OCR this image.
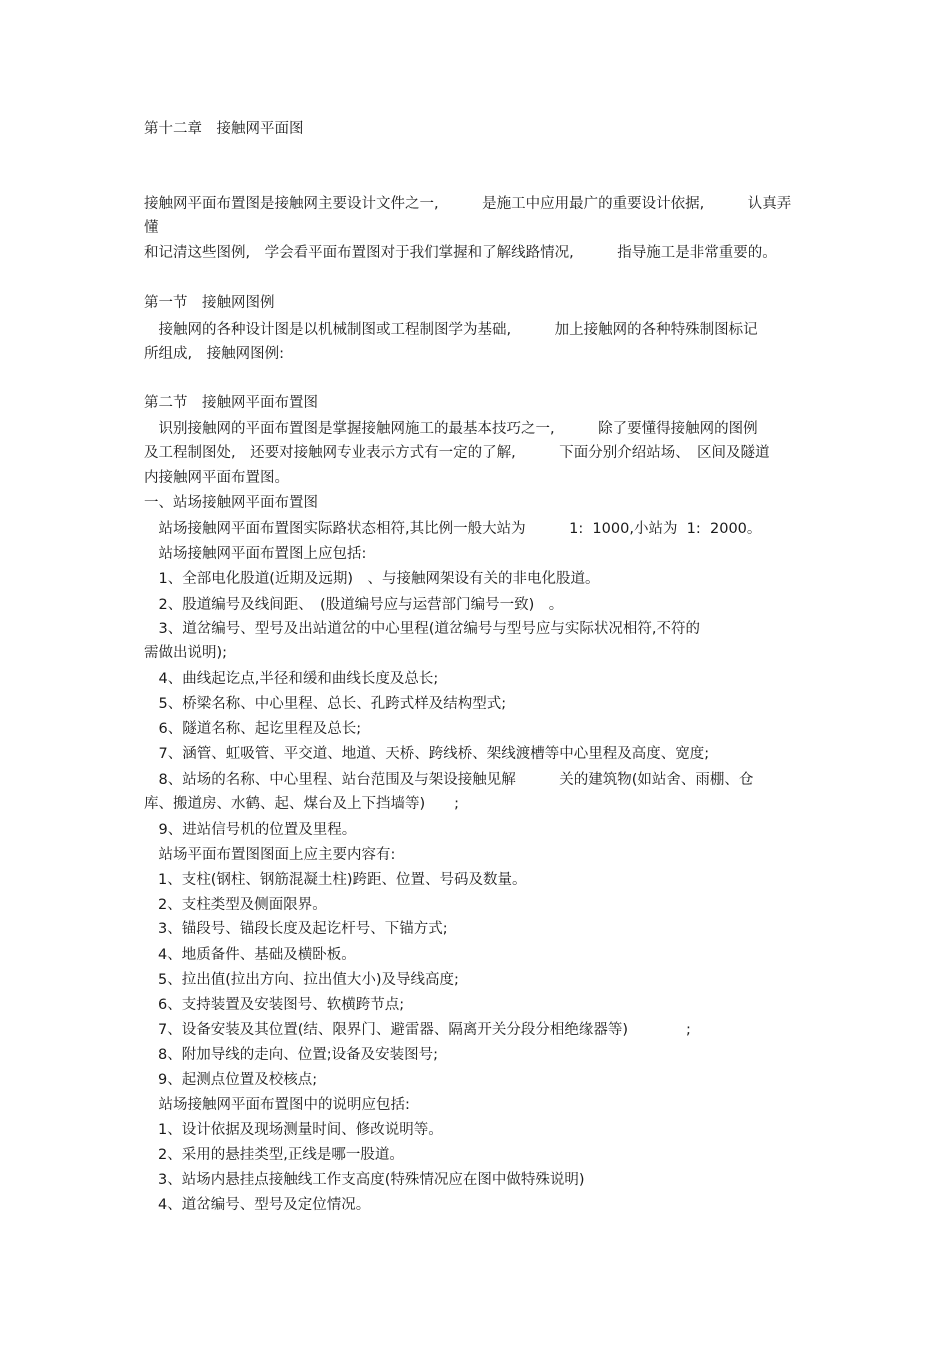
第十二章　接触网平面图
接触网平面布置图是接触网主要设计文件之一,　　　是施工中应用最广的重要设计依据,　　　认真弄
懂
和记清这些图例,　学会看平面布置图对于我们掌握和了解线路情况,　　　指导施工是非常重要的。
第一节　接触网图例
　接触网的各种设计图是以机械制图或工程制图学为基础,　　　加上接触网的各种特殊制图标记
所组成,　接触网图例:
第二节　接触网平面布置图
　识别接触网的平面布置图是掌握接触网施工的最基本技巧之一,　　　除了要懂得接触网的图例
及工程制图处,　还要对接触网专业表示方式有一定的了解,　　　下面分别介绍站场、　区间及隧道
内接触网平面布置图。
一、站场接触网平面布置图
　站场接触网平面布置图实际路状态相符,其比例一般大站为　　　1:  1000,小站为  1:  2000。
　站场接触网平面布置图上应包括:
　1、全部电化股道(近期及远期)　、与接触网架设有关的非电化股道。
　2、股道编号及线间距、　(股道编号应与运营部门编号一致)　。
　3、道岔编号、型号及出站道岔的中心里程(道岔编号与型号应与实际状况相符,不符的
需做出说明);
　4、曲线起讫点,半径和缓和曲线长度及总长;
　5、桥梁名称、中心里程、总长、孔跨式样及结构型式;
　6、隧道名称、起讫里程及总长;
　7、涵管、虹吸管、平交道、地道、天桥、跨线桥、架线渡槽等中心里程及高度、宽度;
　8、站场的名称、中心里程、站台范围及与架设接触见解　　　关的建筑物(如站舍、雨棚、仓
库、搬道房、水鹤、起、煤台及上下挡墙等)　　;
　9、进站信号机的位置及里程。
　站场平面布置图图面上应主要内容有:
1、支柱(钢柱、钢筋混凝土柱)跨距、位置、号码及数量。
2、支柱类型及侧面限界。
3、锚段号、锚段长度及起讫杆号、下锚方式;
4、地质备件、基础及横卧板。
5、拉出值(拉出方向、拉出值大小)及导线高度;
6、支持装置及安装图号、软横跨节点;
7、设备安装及其位置(结、限界门、避雷器、隔离开关分段分相绝缘器等)　　　　;
8、附加导线的走向、位置;设备及安装图号;
9、起测点位置及校核点;
　站场接触网平面布置图中的说明应包括:
1、设计依据及现场测量时间、修改说明等。
2、采用的悬挂类型,正线是哪一股道。
3、站场内悬挂点接触线工作支高度(特殊情况应在图中做特殊说明)
4、道岔编号、型号及定位情况。
